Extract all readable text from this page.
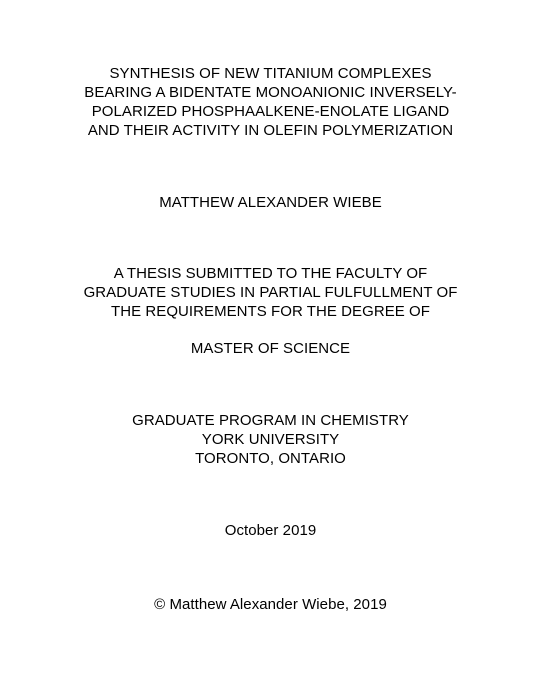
SYNTHESIS OF NEW TITANIUM COMPLEXES
BEARING A BIDENTATE MONOANIONIC INVERSELY-
POLARIZED PHOSPHAALKENE-ENOLATE LIGAND
AND THEIR ACTIVITY IN OLEFIN POLYMERIZATION
MATTHEW ALEXANDER WIEBE
A THESIS SUBMITTED TO THE FACULTY OF
GRADUATE STUDIES IN PARTIAL FULFULLMENT OF
THE REQUIREMENTS FOR THE DEGREE OF
MASTER OF SCIENCE
GRADUATE PROGRAM IN CHEMISTRY
YORK UNIVERSITY
TORONTO, ONTARIO
October 2019
© Matthew Alexander Wiebe, 2019
